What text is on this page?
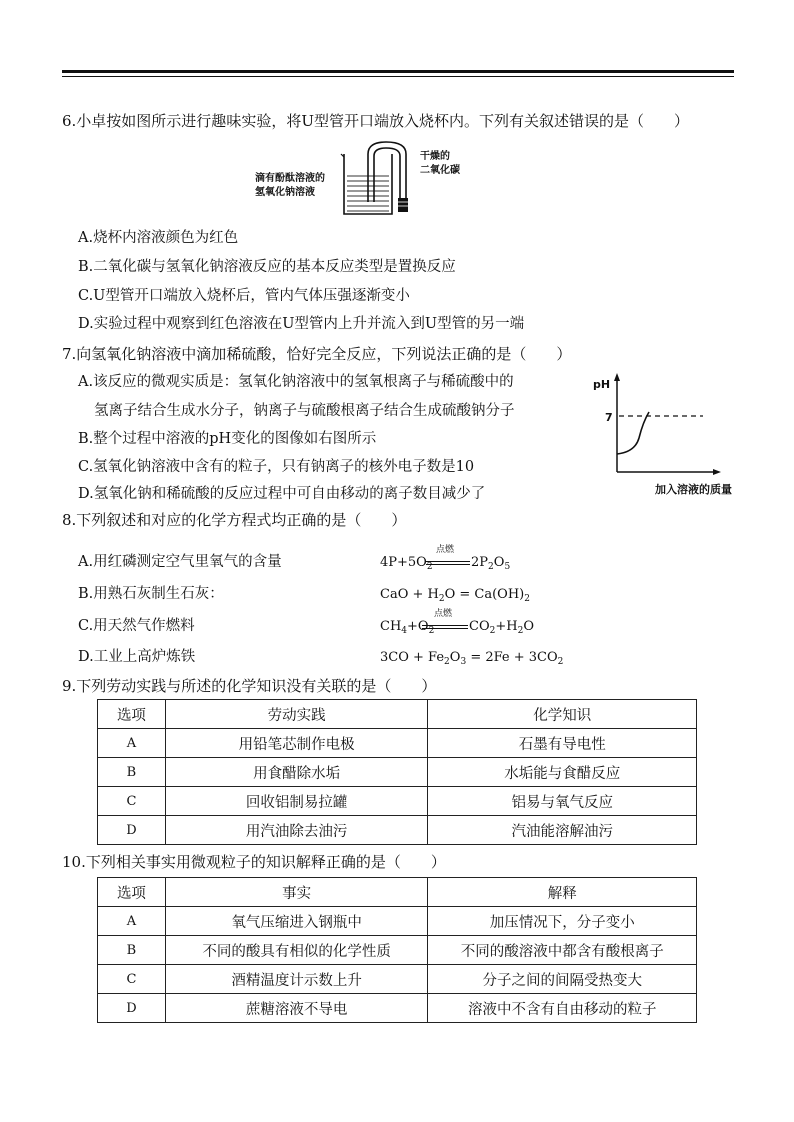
6.小卓按如图所示进行趣味实验，将U型管开口端放入烧杯内。下列有关叙述错误的是（　　）
滴有酚酞溶液的
氢氧化钠溶液
干燥的
二氧化碳
A.烧杯内溶液颜色为红色
B.二氧化碳与氢氧化钠溶液反应的基本反应类型是置换反应
C.U型管开口端放入烧杯后，管内气体压强逐渐变小
D.实验过程中观察到红色溶液在U型管内上升并流入到U型管的另一端
7.向氢氧化钠溶液中滴加稀硫酸，恰好完全反应，下列说法正确的是（　　）
A.该反应的微观实质是：氢氧化钠溶液中的氢氧根离子与稀硫酸中的
氢离子结合生成水分子，钠离子与硫酸根离子结合生成硫酸钠分子
B.整个过程中溶液的pH变化的图像如右图所示
C.氢氧化钠溶液中含有的粒子，只有钠离子的核外电子数是10
D.氢氧化钠和稀硫酸的反应过程中可自由移动的离子数目减少了
pH
7
加入溶液的质量
8.下列叙述和对应的化学方程式均正确的是（　　）
A.用红磷测定空气里氧气的含量	$4P+5O_2$
点燃
$2P_2O_5$
B.用熟石灰制生石灰：	CaO + $H_2O = Ca(OH)_2$
C.用天然气作燃料	$CH_4+O_2$
点燃
$CO_2+H_2O$
D.工业上高炉炼铁	$3CO + Fe_2O_3 = 2Fe + 3CO_2$
9.下列劳动实践与所述的化学知识没有关联的是（　　）
选项	劳动实践	化学知识
A	用铅笔芯制作电极	石墨有导电性
B	用食醋除水垢	水垢能与食醋反应
C	回收铝制易拉罐	铝易与氧气反应
D	用汽油除去油污	汽油能溶解油污
10.下列相关事实用微观粒子的知识解释正确的是（　　）
选项	事实	解释
A	氧气压缩进入钢瓶中	加压情况下，分子变小
B	不同的酸具有相似的化学性质	不同的酸溶液中都含有酸根离子
C	酒精温度计示数上升	分子之间的间隔受热变大
D	蔗糖溶液不导电	溶液中不含有自由移动的粒子
